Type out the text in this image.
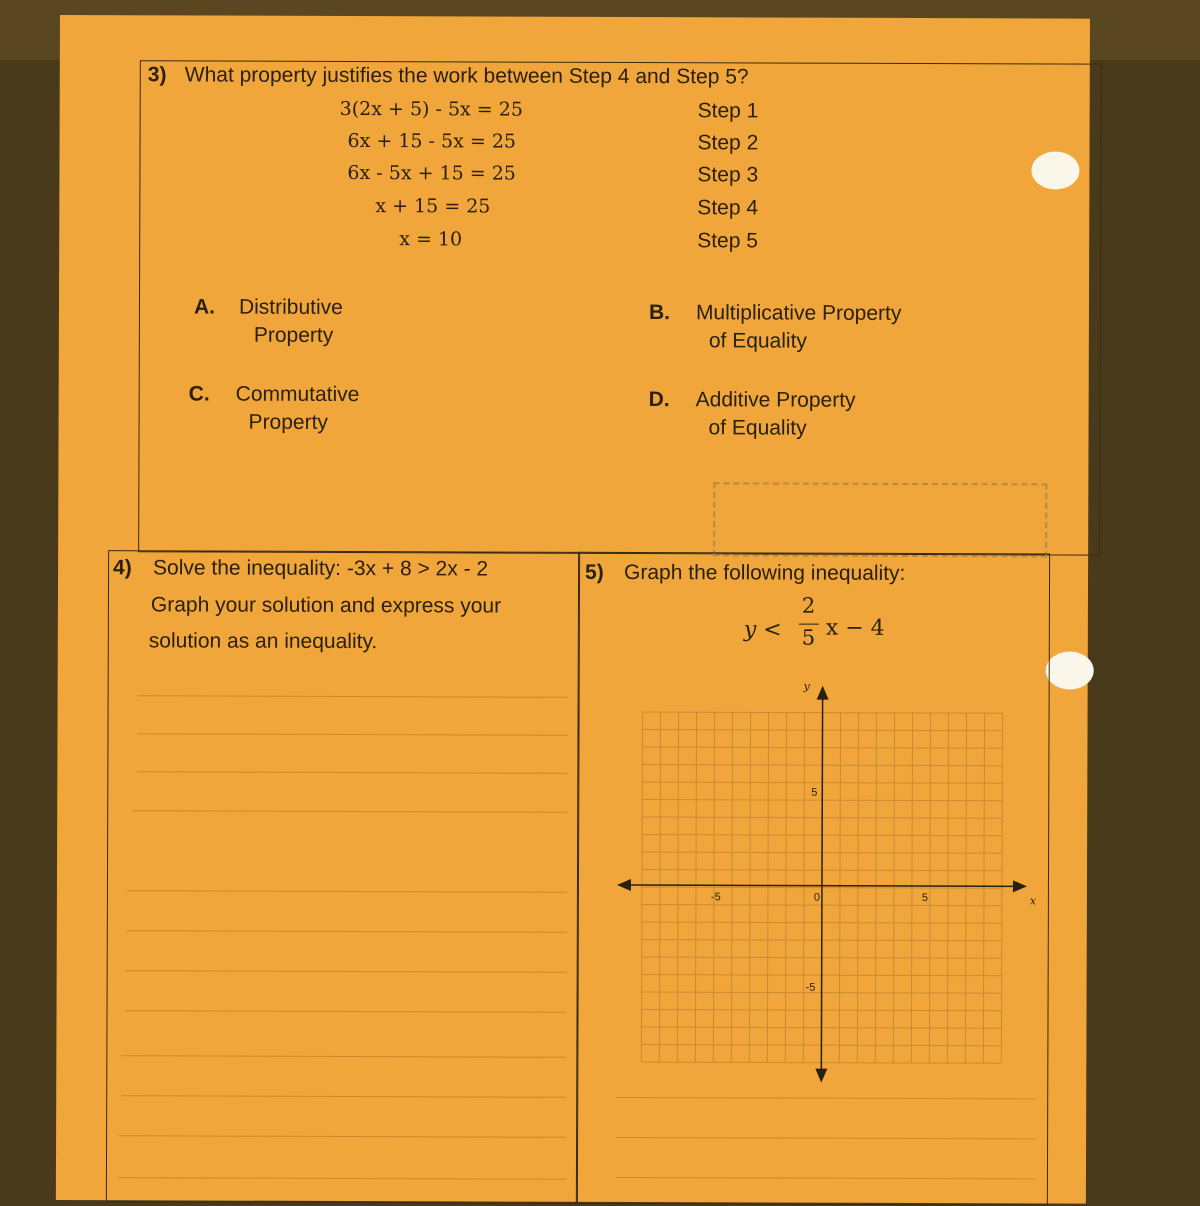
3) What property justifies the work between Step 4 and Step 5?
3(2x + 5) - 5x = 25
6x + 15 - 5x = 25
6x - 5x + 15 = 25
x + 15 = 25
x = 10
Step 1
Step 2
Step 3
Step 4
Step 5
A. Distributive
Property
B. Multiplicative Property
of Equality
C. Commutative
Property
D. Additive Property
of Equality
4) Solve the inequality: -3x + 8 > 2x - 2
Graph your solution and express your
solution as an inequality.
5) Graph the following inequality:
y <
2
5 x − 4
y
x
-5	0	5
5
-5
